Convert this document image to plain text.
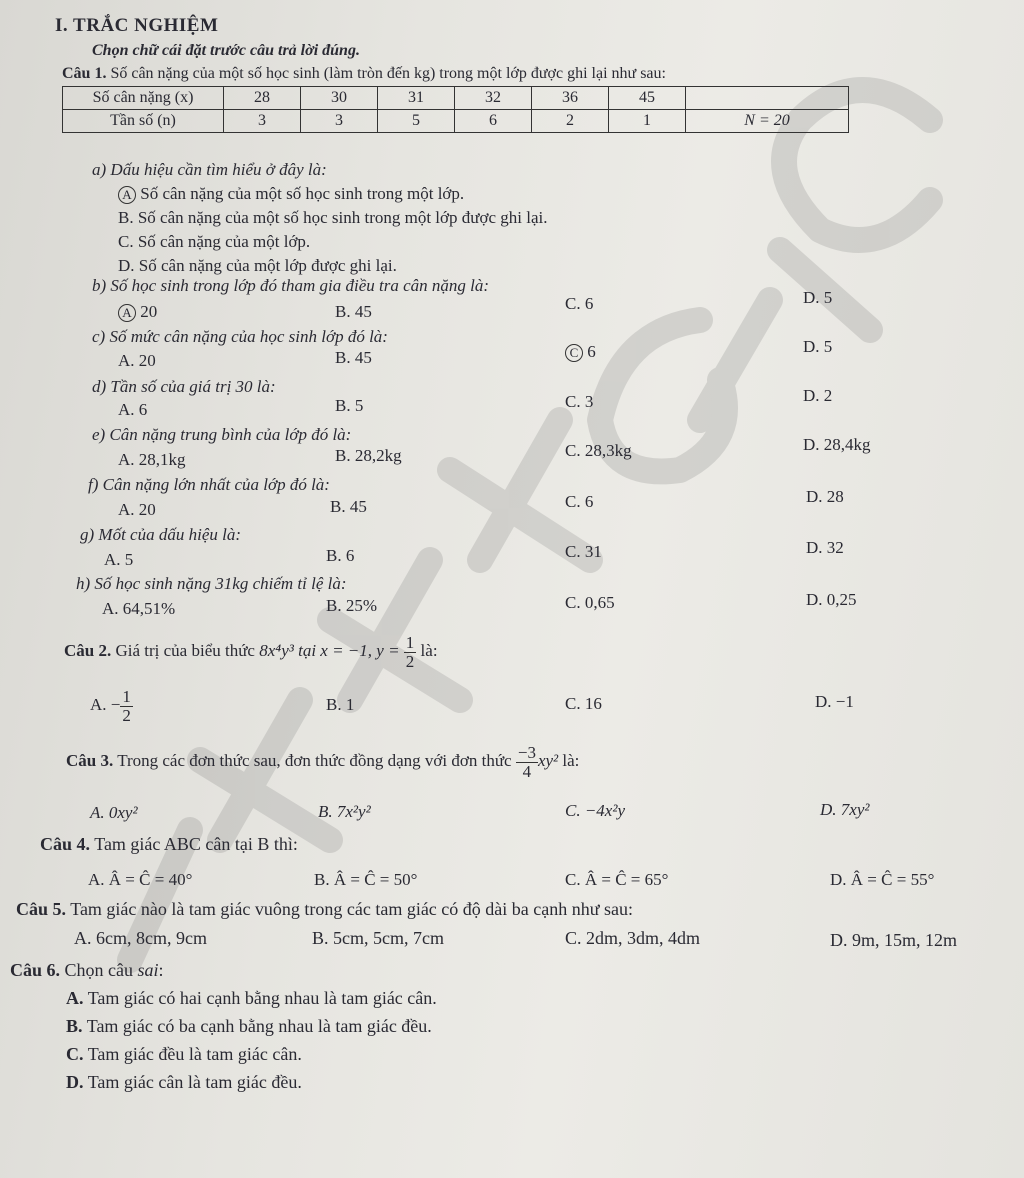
I. TRẮC NGHIỆM
Chọn chữ cái đặt trước câu trả lời đúng.
Câu 1. Số cân nặng của một số học sinh (làm tròn đến kg) trong một lớp được ghi lại như sau:
Số cân nặng (x)	28	30	31	32	36	45	
Tần số (n)	3	3	5	6	2	1	N = 20
a) Dấu hiệu cần tìm hiểu ở đây là:
A Số cân nặng của một số học sinh trong một lớp.
B. Số cân nặng của một số học sinh trong một lớp được ghi lại.
C. Số cân nặng của một lớp.
D. Số cân nặng của một lớp được ghi lại.
b) Số học sinh trong lớp đó tham gia điều tra cân nặng là:
A 20	B. 45	C. 6	D. 5
c) Số mức cân nặng của học sinh lớp đó là:
A. 20	B. 45	C 6	D. 5
d) Tần số của giá trị 30 là:
A. 6	B. 5	C. 3	D. 2
e) Cân nặng trung bình của lớp đó là:
A. 28,1kg	B. 28,2kg	C. 28,3kg	D. 28,4kg
f) Cân nặng lớn nhất của lớp đó là:
A. 20	B. 45	C. 6	D. 28
g) Mốt của dấu hiệu là:
A. 5	B. 6	C. 31	D. 32
h) Số học sinh nặng 31kg chiếm tỉ lệ là:
A. 64,51%	B. 25%	C. 0,65	D. 0,25
Câu 2. Giá trị của biểu thức 8x⁴y³ tại x = −1, $y = \frac{1}{2}$ là:
A. − $\frac{1}{2}$	B. 1	C. 16	D. −1
Câu 3. Trong các đơn thức sau, đơn thức đồng dạng với đơn thức $\frac{-3}{4} xy^2$ là:
A. 0xy²	B. 7x²y²	C. −4x²y	D. 7xy²
Câu 4. Tam giác ABC cân tại B thì:
A. Â = Ĉ = 40°	B. Â = Ĉ = 50°	C. Â = Ĉ = 65°	D. Â = Ĉ = 55°
Câu 5. Tam giác nào là tam giác vuông trong các tam giác có độ dài ba cạnh như sau:
A. 6cm, 8cm, 9cm	B. 5cm, 5cm, 7cm	C. 2dm, 3dm, 4dm	D. 9m, 15m, 12m
Câu 6. Chọn câu sai:
A. Tam giác có hai cạnh bằng nhau là tam giác cân.
B. Tam giác có ba cạnh bằng nhau là tam giác đều.
C. Tam giác đều là tam giác cân.
D. Tam giác cân là tam giác đều.
